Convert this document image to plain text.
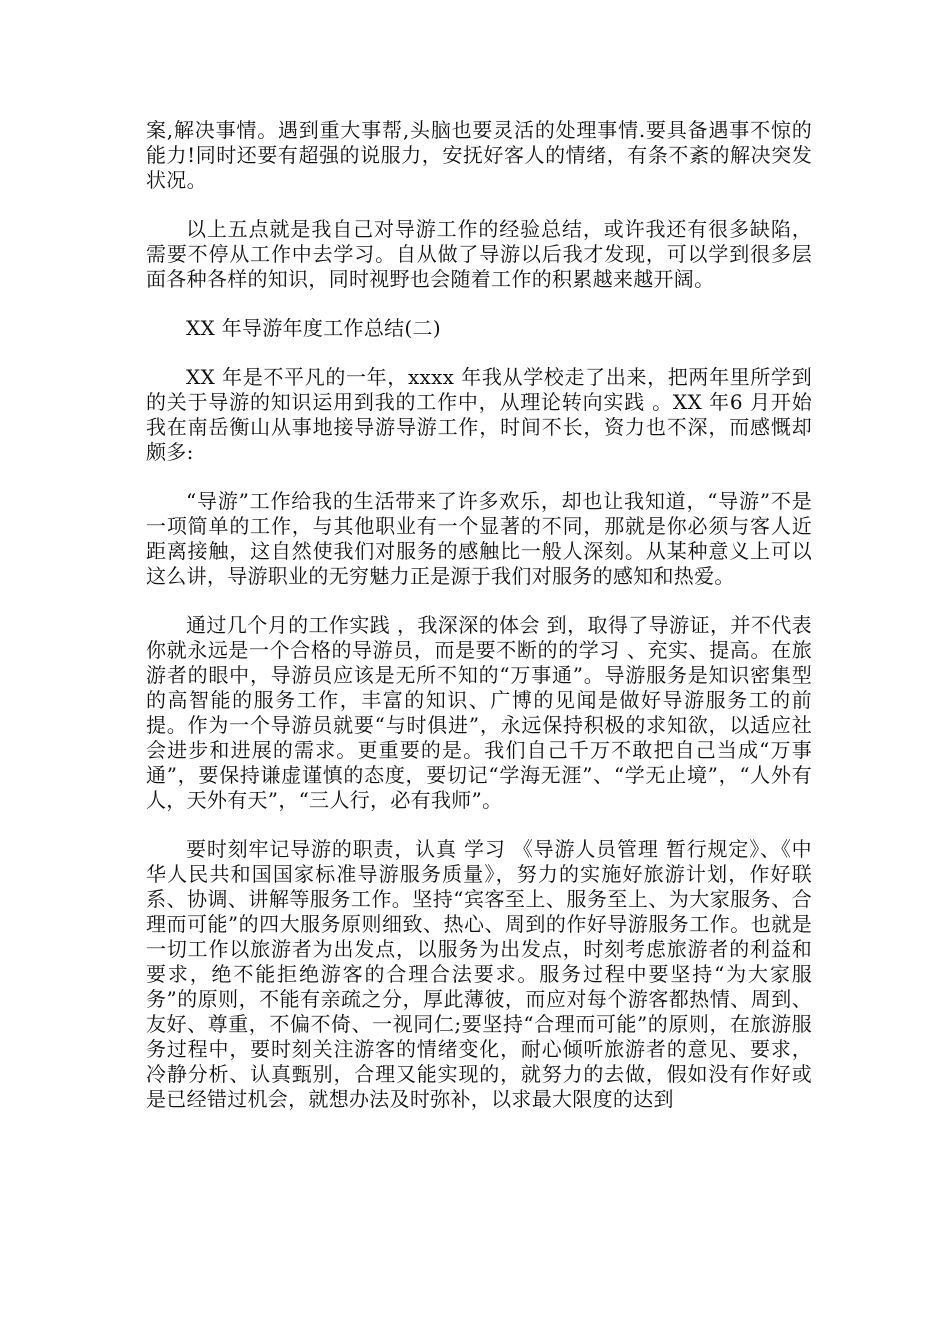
案,解决事情。遇到重大事帮,头脑也要灵活的处理事情.要具备遇事不惊的能力!同时还要有超强的说服力，安抚好客人的情绪，有条不紊的解决突发状况。

以上五点就是我自己对导游工作的经验总结，或许我还有很多缺陷，需要不停从工作中去学习。自从做了导游以后我才发现，可以学到很多层面各种各样的知识，同时视野也会随着工作的积累越来越开阔。

XX 年导游年度工作总结(二)

XX 年是不平凡的一年，xxxx 年我从学校走了出来，把两年里所学到的关于导游的知识运用到我的工作中，从理论转向实践 。XX 年6 月开始我在南岳衡山从事地接导游导游工作，时间不长，资力也不深，而感慨却颇多:

“导游”工作给我的生活带来了许多欢乐，却也让我知道，“导游”不是一项简单的工作，与其他职业有一个显著的不同，那就是你必须与客人近距离接触，这自然使我们对服务的感触比一般人深刻。从某种意义上可以这么讲，导游职业的无穷魅力正是源于我们对服务的感知和热爱。

通过几个月的工作实践 ，我深深的体会 到，取得了导游证，并不代表你就永远是一个合格的导游员，而是要不断的的学习 、充实、提高。在旅游者的眼中，导游员应该是无所不知的“万事通”。导游服务是知识密集型的高智能的服务工作，丰富的知识、广博的见闻是做好导游服务工的前提。作为一个导游员就要“与时俱进”，永远保持积极的求知欲，以适应社会进步和进展的需求。更重要的是。我们自己千万不敢把自己当成“万事通”，要保持谦虚谨慎的态度，要切记“学海无涯”、“学无止境”，“人外有人，天外有天”，“三人行，必有我师”。

要时刻牢记导游的职责，认真 学习 《导游人员管理 暂行规定》、《中华人民共和国国家标准导游服务质量》，努力的实施好旅游计划，作好联系、协调、讲解等服务工作。坚持“宾客至上、服务至上、为大家服务、合理而可能”的四大服务原则细致、热心、周到的作好导游服务工作。也就是一切工作以旅游者为出发点，以服务为出发点，时刻考虑旅游者的利益和要求，绝不能拒绝游客的合理合法要求。服务过程中要坚持“为大家服务”的原则，不能有亲疏之分，厚此薄彼，而应对每个游客都热情、周到、友好、尊重，不偏不倚、一视同仁;要坚持“合理而可能”的原则，在旅游服务过程中，要时刻关注游客的情绪变化，耐心倾听旅游者的意见、要求，冷静分析、认真甄别，合理又能实现的，就努力的去做，假如没有作好或是已经错过机会，就想办法及时弥补，以求最大限度的达到
